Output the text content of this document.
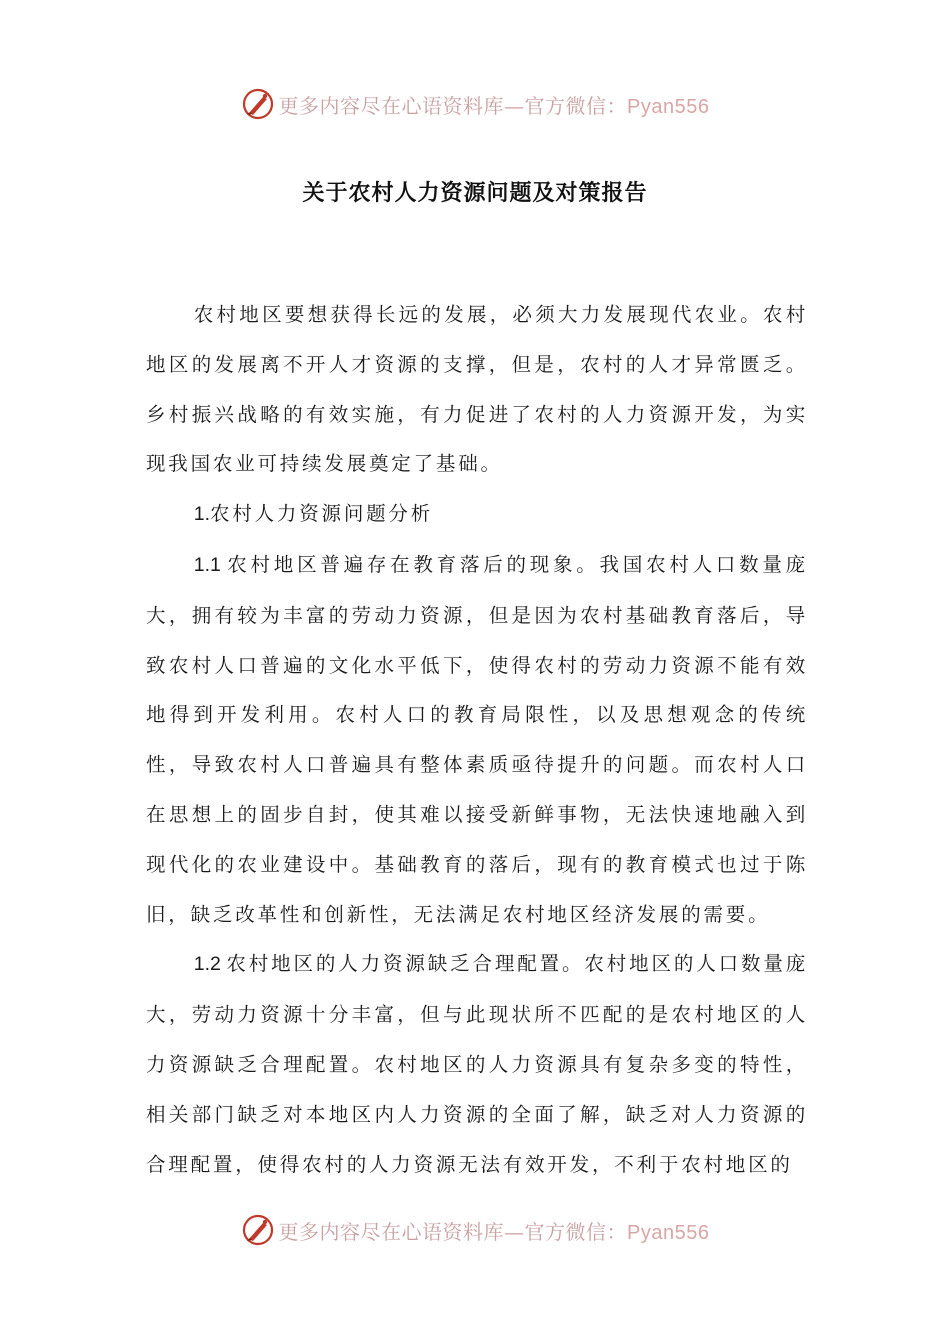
更多内容尽在心语资料库—官方微信：Pyan556
关于农村人力资源问题及对策报告

农村地区要想获得长远的发展，必须大力发展现代农业。农村地区的发展离不开人才资源的支撑，但是，农村的人才异常匮乏。乡村振兴战略的有效实施，有力促进了农村的人力资源开发，为实现我国农业可持续发展奠定了基础。

1.农村人力资源问题分析

1.1 农村地区普遍存在教育落后的现象。我国农村人口数量庞大，拥有较为丰富的劳动力资源，但是因为农村基础教育落后，导致农村人口普遍的文化水平低下，使得农村的劳动力资源不能有效地得到开发利用。农村人口的教育局限性，以及思想观念的传统性，导致农村人口普遍具有整体素质亟待提升的问题。而农村人口在思想上的固步自封，使其难以接受新鲜事物，无法快速地融入到现代化的农业建设中。基础教育的落后，现有的教育模式也过于陈旧，缺乏改革性和创新性，无法满足农村地区经济发展的需要。

1.2 农村地区的人力资源缺乏合理配置。农村地区的人口数量庞大，劳动力资源十分丰富，但与此现状所不匹配的是农村地区的人力资源缺乏合理配置。农村地区的人力资源具有复杂多变的特性，相关部门缺乏对本地区内人力资源的全面了解，缺乏对人力资源的合理配置，使得农村的人力资源无法有效开发，不利于农村地区的

更多内容尽在心语资料库—官方微信：Pyan556
